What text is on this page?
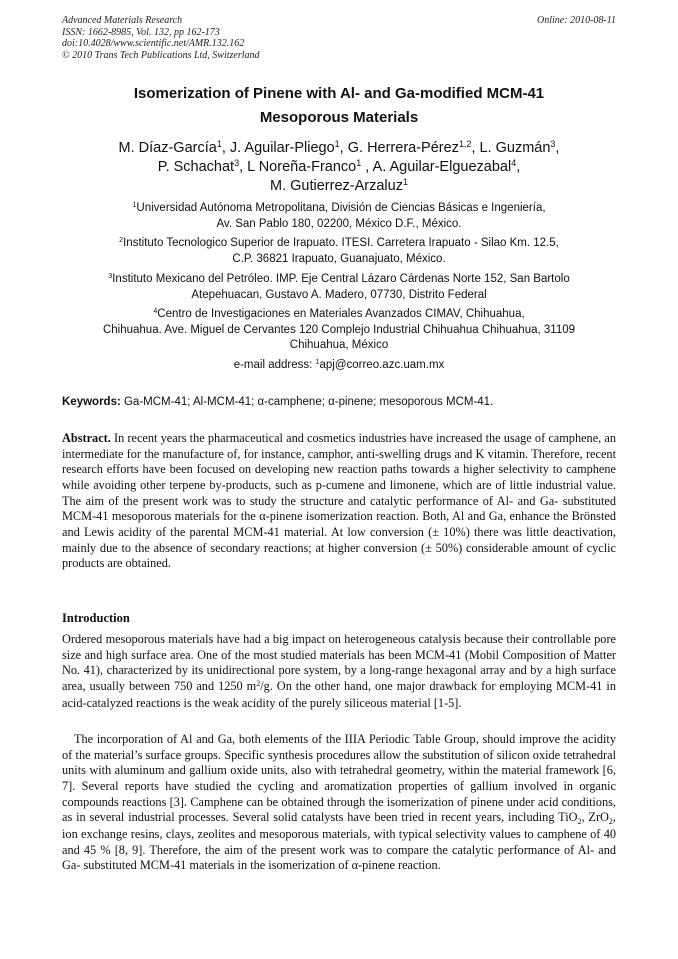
Advanced Materials Research
ISSN: 1662-8985, Vol. 132, pp 162-173
doi:10.4028/www.scientific.net/AMR.132.162
© 2010 Trans Tech Publications Ltd, Switzerland
Online: 2010-08-11
Isomerization of Pinene with Al- and Ga-modified MCM-41
Mesoporous Materials
M. Díaz-García$^1$, J. Aguilar-Pliego$^1$, G. Herrera-Pérez$^{1,2}$, L. Guzmán$^3$,
P. Schachat$^3$, L Noreña-Franco$^1$ , A. Aguilar-Elguezabal$^4$,
M. Gutierrez-Arzaluz$^1$
$^1$Universidad Autónoma Metropolitana, División de Ciencias Básicas e Ingeniería,
Av. San Pablo 180, 02200, México D.F., México.
$^2$Instituto Tecnologico Superior de Irapuato. ITESI. Carretera Irapuato - Silao Km. 12.5,
C.P. 36821 Irapuato, Guanajuato, México.
$^3$Instituto Mexicano del Petróleo. IMP. Eje Central Lázaro Cárdenas Norte 152, San Bartolo
Atepehuacan, Gustavo A. Madero, 07730, Distrito Federal
$^4$Centro de Investigaciones en Materiales Avanzados CIMAV, Chihuahua,
Chihuahua. Ave. Miguel de Cervantes 120 Complejo Industrial Chihuahua Chihuahua, 31109
Chihuahua, México
e-mail address: $^1$apj@correo.azc.uam.mx
Keywords: Ga-MCM-41; Al-MCM-41; α-camphene; α-pinene; mesoporous MCM-41.
Abstract. In recent years the pharmaceutical and cosmetics industries have increased the usage of camphene, an intermediate for the manufacture of, for instance, camphor, anti-swelling drugs and K vitamin. Therefore, recent research efforts have been focused on developing new reaction paths towards a higher selectivity to camphene while avoiding other terpene by-products, such as p-cumene and limonene, which are of little industrial value. The aim of the present work was to study the structure and catalytic performance of Al- and Ga- substituted MCM-41 mesoporous materials for the α-pinene isomerization reaction. Both, Al and Ga, enhance the Brönsted and Lewis acidity of the parental MCM-41 material. At low conversion (± 10%) there was little deactivation, mainly due to the absence of secondary reactions; at higher conversion (± 50%) considerable amount of cyclic products are obtained.
Introduction
Ordered mesoporous materials have had a big impact on heterogeneous catalysis because their controllable pore size and high surface area. One of the most studied materials has been MCM-41 (Mobil Composition of Matter No. 41), characterized by its unidirectional pore system, by a long-range hexagonal array and by a high surface area, usually between 750 and 1250 $m^2/g$. On the other hand, one major drawback for employing MCM-41 in acid-catalyzed reactions is the weak acidity of the purely siliceous material [1-5].
The incorporation of Al and Ga, both elements of the IIIA Periodic Table Group, should improve the acidity of the material’s surface groups. Specific synthesis procedures allow the substitution of silicon oxide tetrahedral units with aluminum and gallium oxide units, also with tetrahedral geometry, within the material framework [6, 7]. Several reports have studied the cycling and aromatization properties of gallium involved in organic compounds reactions [3]. Camphene can be obtained through the isomerization of pinene under acid conditions, as in several industrial processes. Several solid catalysts have been tried in recent years, including TiO$_2$, ZrO$_2$, ion exchange resins, clays, zeolites and mesoporous materials, with typical selectivity values to camphene of 40 and 45 % [8, 9]. Therefore, the aim of the present work was to compare the catalytic performance of Al- and Ga- substituted MCM-41 materials in the isomerization of α-pinene reaction.
